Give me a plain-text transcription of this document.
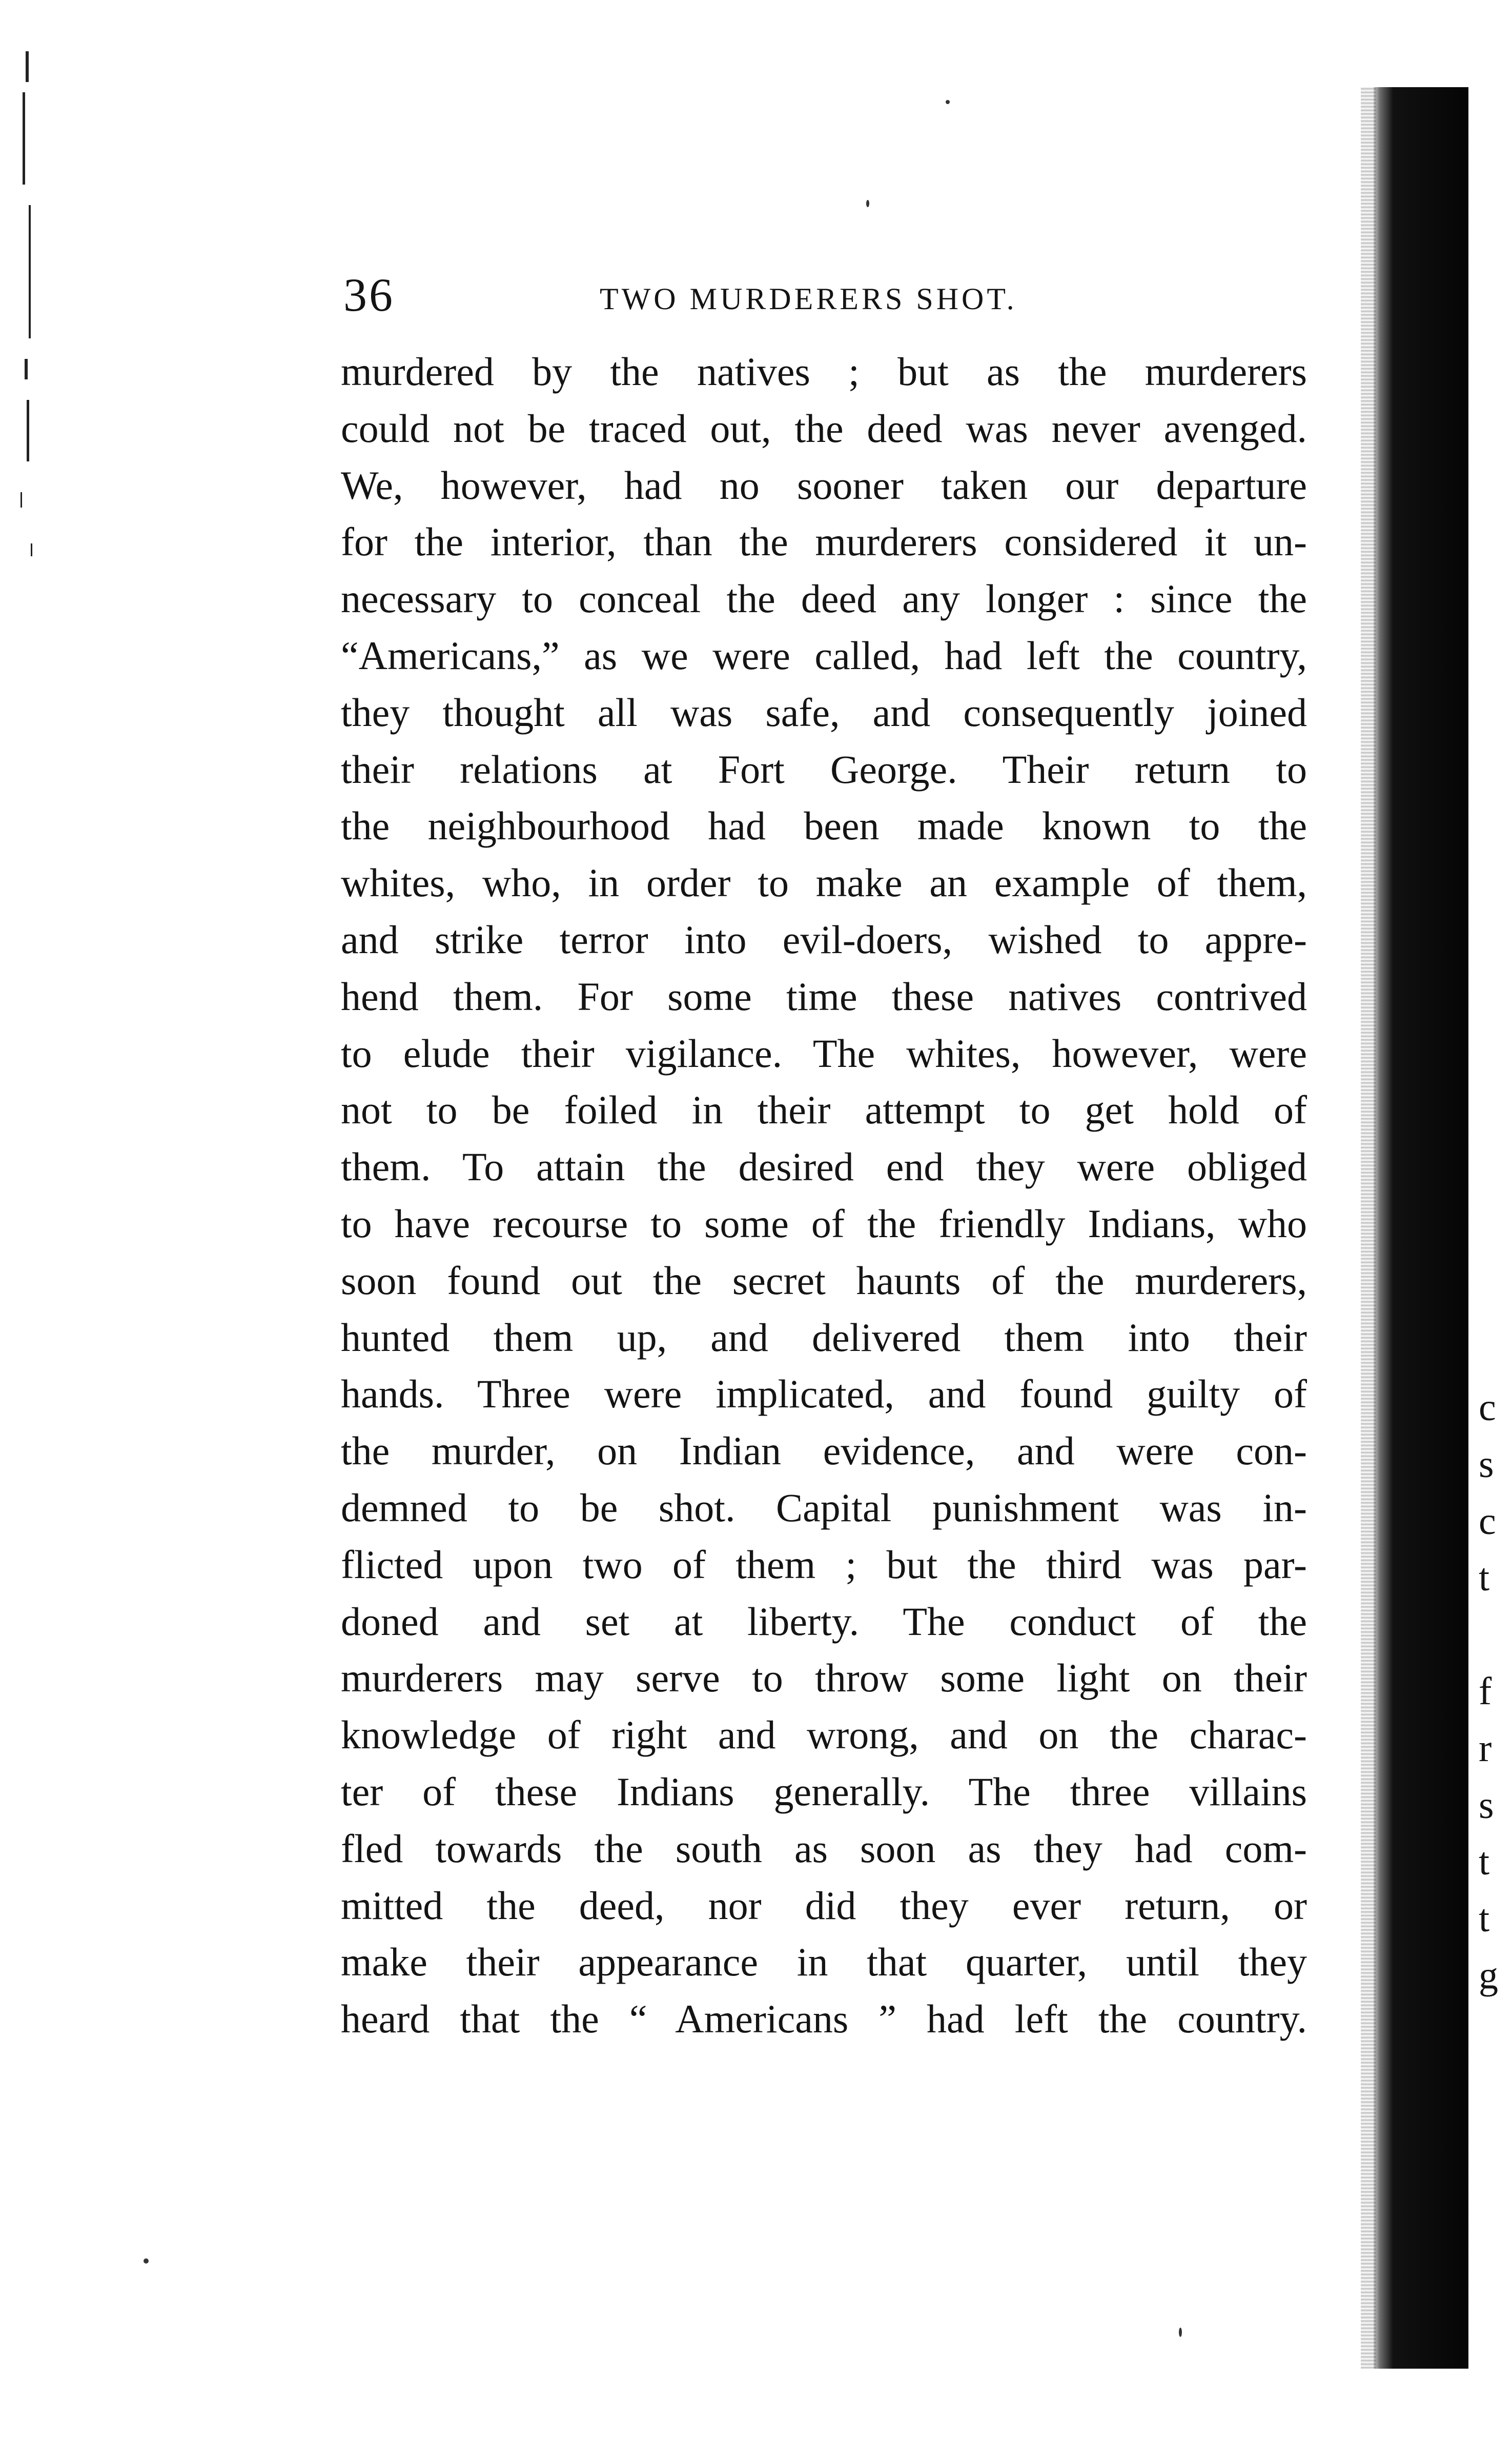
36	TWO MURDERERS SHOT.
murdered by the natives ; but as the murderers
could not be traced out, the deed was never avenged.
We, however, had no sooner taken our departure
for the interior, than the murderers considered it un-
necessary to conceal the deed any longer : since the
“Americans,” as we were called, had left the country,
they thought all was safe, and consequently joined
their relations at Fort George. Their return to
the neighbourhood had been made known to the
whites, who, in order to make an example of them,
and strike terror into evil-doers, wished to appre-
hend them. For some time these natives contrived
to elude their vigilance. The whites, however, were
not to be foiled in their attempt to get hold of
them. To attain the desired end they were obliged
to have recourse to some of the friendly Indians, who
soon found out the secret haunts of the murderers,
hunted them up, and delivered them into their
hands. Three were implicated, and found guilty of
the murder, on Indian evidence, and were con-
demned to be shot. Capital punishment was in-
flicted upon two of them ; but the third was par-
doned and set at liberty. The conduct of the
murderers may serve to throw some light on their
knowledge of right and wrong, and on the charac-
ter of these Indians generally. The three villains
fled towards the south as soon as they had com-
mitted the deed, nor did they ever return, or
make their appearance in that quarter, until they
heard that the “ Americans ” had left the country.
c
s
c
t
f
r
s
t
t
g
